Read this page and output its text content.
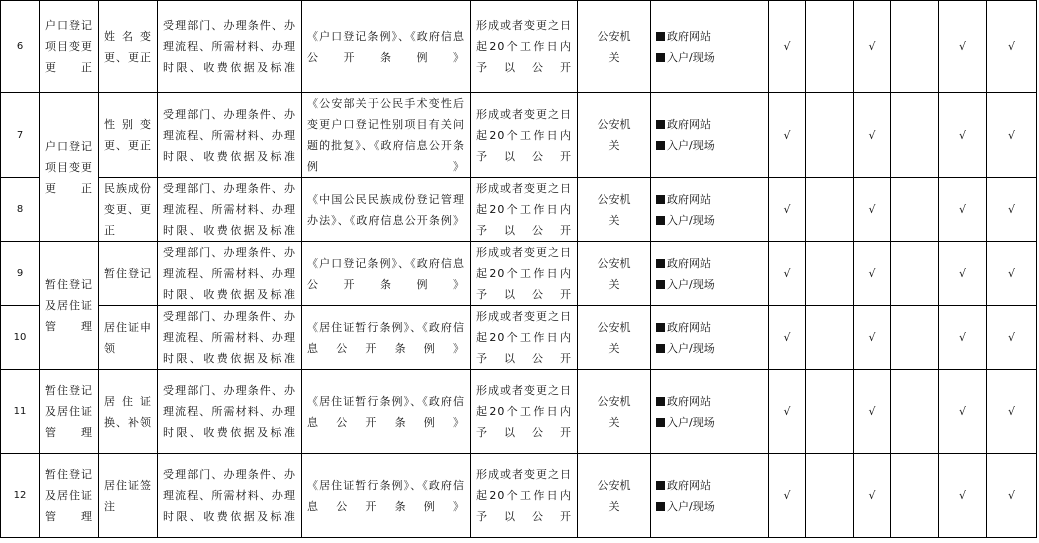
6	户口登记项目变更更正	姓名变更、更正	受理部门、办理条件、办理流程、所需材料、办理时限、收费依据及标准	《户口登记条例》、《政府信息公开条例》	形成或者变更之日起20个工作日内予以公开	公安机关	政府网站
入户/现场	√		√		√	√
7	户口登记项目变更更正	性别变更、更正	受理部门、办理条件、办理流程、所需材料、办理时限、收费依据及标准	《公安部关于公民手术变性后变更户口登记性别项目有关问题的批复》、《政府信息公开条例》	形成或者变更之日起20个工作日内予以公开	公安机关	政府网站
入户/现场	√		√		√	√
8		民族成份变更、更正	受理部门、办理条件、办理流程、所需材料、办理时限、收费依据及标准	《中国公民民族成份登记管理办法》、《政府信息公开条例》	形成或者变更之日起20个工作日内予以公开	公安机关	政府网站
入户/现场	√		√		√	√
9	暂住登记及居住证管理	暂住登记	受理部门、办理条件、办理流程、所需材料、办理时限、收费依据及标准	《户口登记条例》、《政府信息公开条例》	形成或者变更之日起20个工作日内予以公开	公安机关	政府网站
入户/现场	√		√		√	√
10		居住证申领	受理部门、办理条件、办理流程、所需材料、办理时限、收费依据及标准	《居住证暂行条例》、《政府信息公开条例》	形成或者变更之日起20个工作日内予以公开	公安机关	政府网站
入户/现场	√		√		√	√
11	暂住登记及居住证管理	居住证换、补领	受理部门、办理条件、办理流程、所需材料、办理时限、收费依据及标准	《居住证暂行条例》、《政府信息公开条例》	形成或者变更之日起20个工作日内予以公开	公安机关	政府网站
入户/现场	√		√		√	√
12	暂住登记及居住证管理	居住证签注	受理部门、办理条件、办理流程、所需材料、办理时限、收费依据及标准	《居住证暂行条例》、《政府信息公开条例》	形成或者变更之日起20个工作日内予以公开	公安机关	政府网站
入户/现场	√		√		√	√
